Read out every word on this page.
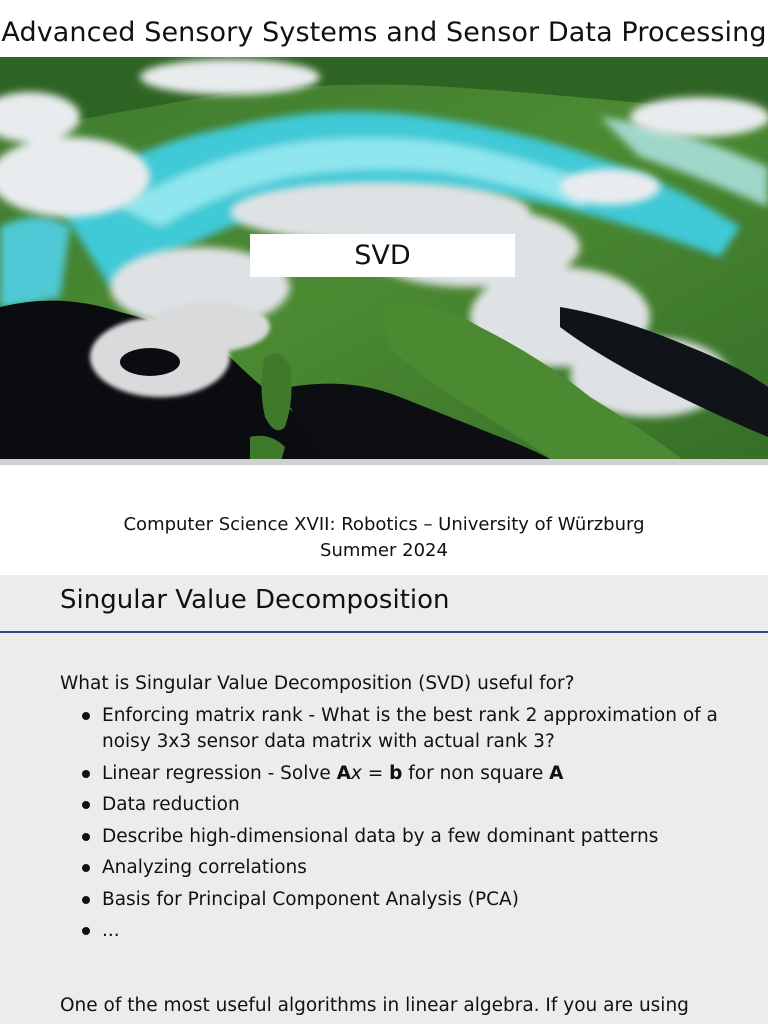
Advanced Sensory Systems and Sensor Data Processing
SVD
Computer Science XVII: Robotics – University of Würzburg
Summer 2024
Singular Value Decomposition
What is Singular Value Decomposition (SVD) useful for?
Enforcing matrix rank - What is the best rank 2 approximation of a
noisy 3x3 sensor data matrix with actual rank 3?
Linear regression - Solve Ax = b for non square A
Data reduction
Describe high-dimensional data by a few dominant patterns
Analyzing correlations
Basis for Principal Component Analysis (PCA)
...
One of the most useful algorithms in linear algebra. If you are using
